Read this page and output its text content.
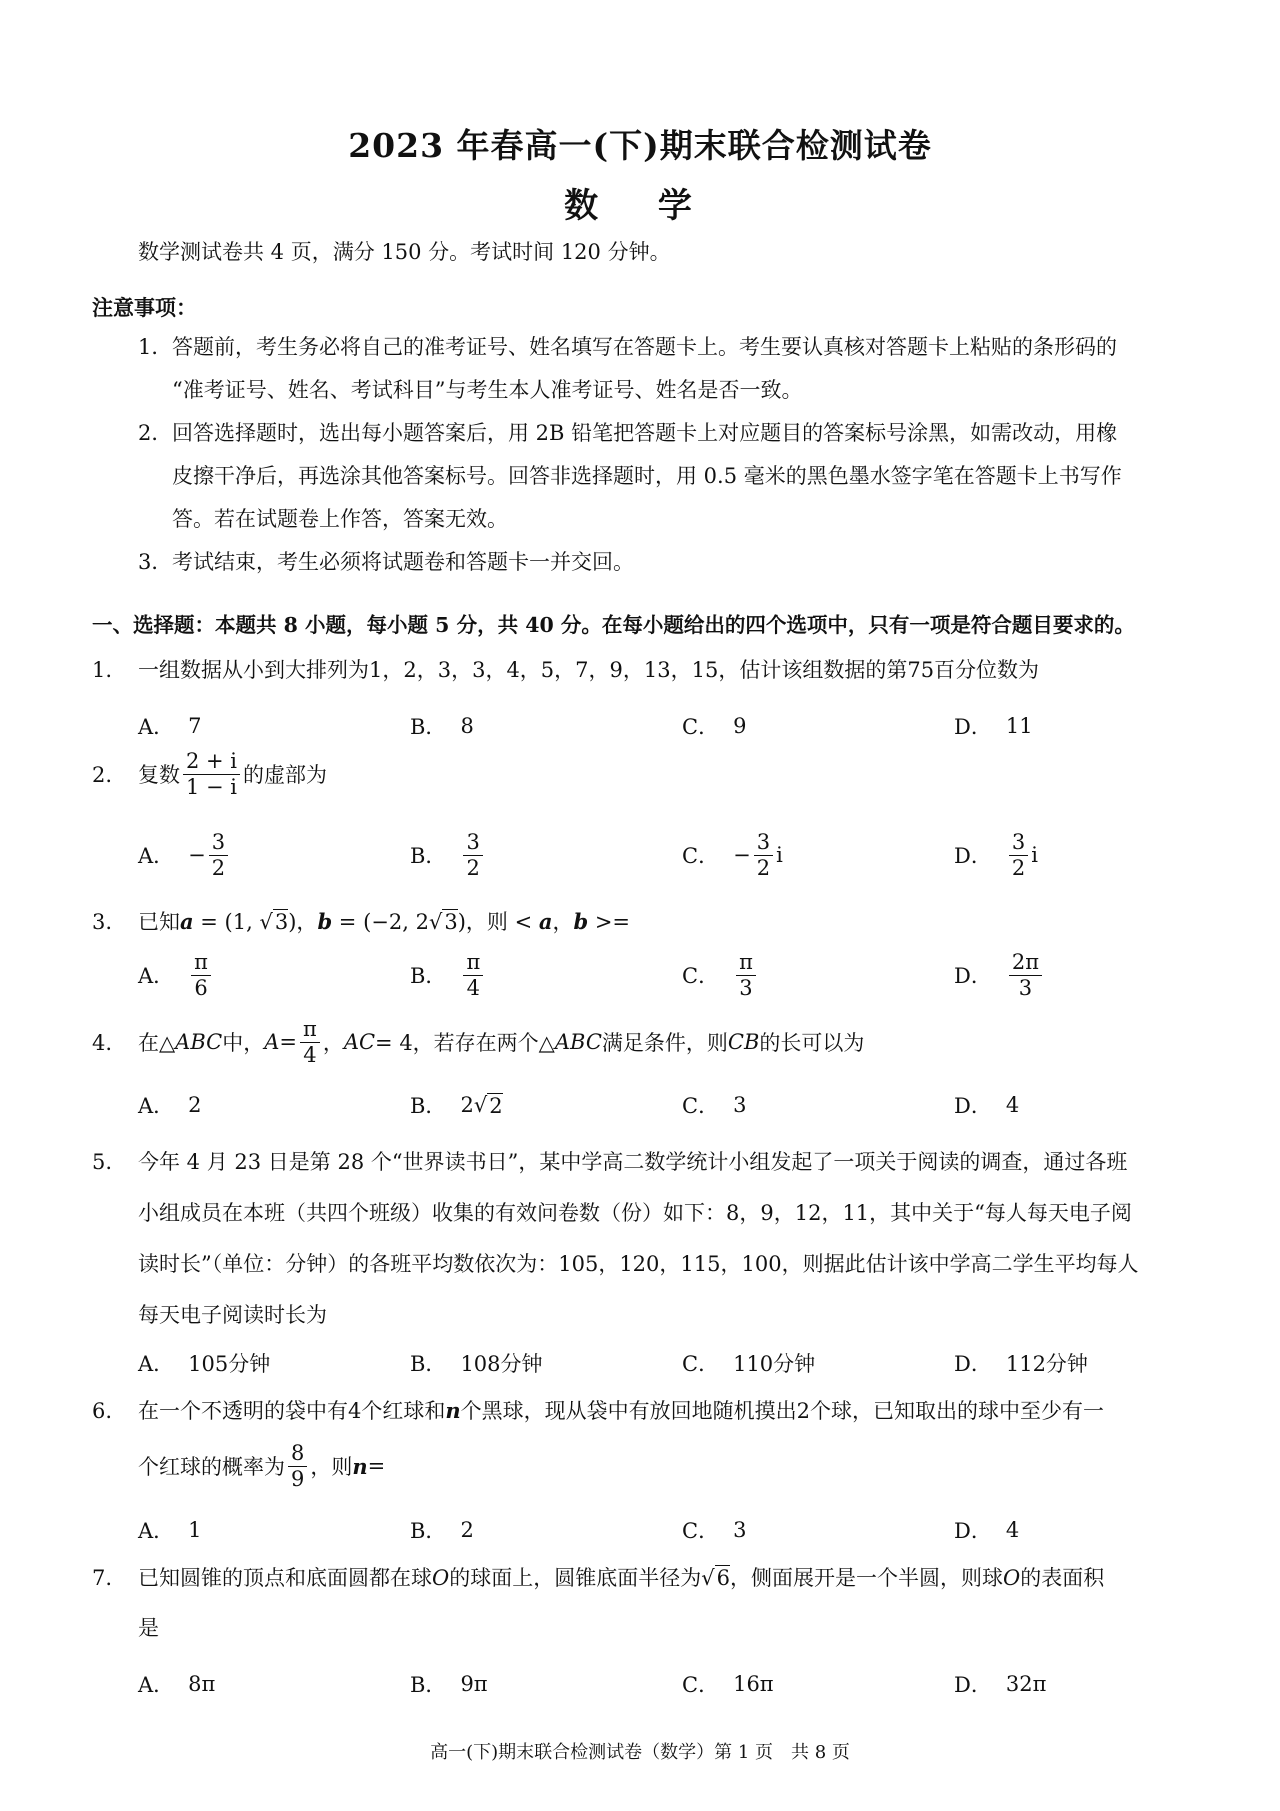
2023 年春高一(下)期末联合检测试卷
数 学
数学测试卷共 4 页，满分 150 分。考试时间 120 分钟。
注意事项：
1．答题前，考生务必将自己的准考证号、姓名填写在答题卡上。考生要认真核对答题卡上粘贴的条形码的
“准考证号、姓名、考试科目”与考生本人准考证号、姓名是否一致。
2．回答选择题时，选出每小题答案后，用 2B 铅笔把答题卡上对应题目的答案标号涂黑，如需改动，用橡
皮擦干净后，再选涂其他答案标号。回答非选择题时，用 0.5 毫米的黑色墨水签字笔在答题卡上书写作
答。若在试题卷上作答，答案无效。
3．考试结束，考生必须将试题卷和答题卡一并交回。
一、选择题：本题共 8 小题，每小题 5 分，共 40 分。在每小题给出的四个选项中，只有一项是符合题目要求的。
1. 一组数据从小到大排列为1，2，3，3，4，5，7，9，13，15，估计该组数据的第75百分位数为
A． 7	B． 8	C． 9	D． 11
2. 复数 $\frac{2 + i}{1 - i}$ 的虚部为
A． − $\frac{3}{2}$	B． $\frac{3}{2}$	C． − $\frac{3}{2}$ i	D． $\frac{3}{2}$ i
3. 已知a = (1, √3)，b = (−2, 2√3)，则 < a，b >=
A． $\frac{\pi}{6}$	B． $\frac{\pi}{4}$	C． $\frac{\pi}{3}$	D． $\frac{2\pi}{3}$
4. 在△ ABC 中， $A = \frac{\pi}{4}$ ， AC = 4，若存在两个△ ABC 满足条件，则 CB 的长可以为
A． 2	B． 2 √ 2	C． 3	D． 4
5. 今年 4 月 23 日是第 28 个“世界读书日”，某中学高二数学统计小组发起了一项关于阅读的调查，通过各班
小组成员在本班（共四个班级）收集的有效问卷数（份）如下：8，9，12，11，其中关于“每人每天电子阅
读时长”（单位：分钟）的各班平均数依次为：105，120，115，100，则据此估计该中学高二学生平均每人
每天电子阅读时长为
A． 105分钟	B． 108分钟	C． 110分钟	D． 112分钟
6. 在一个不透明的袋中有4个红球和n个黑球，现从袋中有放回地随机摸出2个球，已知取出的球中至少有一
个红球的概率为 $\frac{8}{9}$ ，则 n =
A． 1	B． 2	C． 3	D． 4
7. 已知圆锥的顶点和底面圆都在球O的球面上，圆锥底面半径为√6，侧面展开是一个半圆，则球O的表面积
是
A． 8π	B． 9π	C． 16π	D． 32π
高一(下)期末联合检测试卷（数学）第 1 页　共 8 页
